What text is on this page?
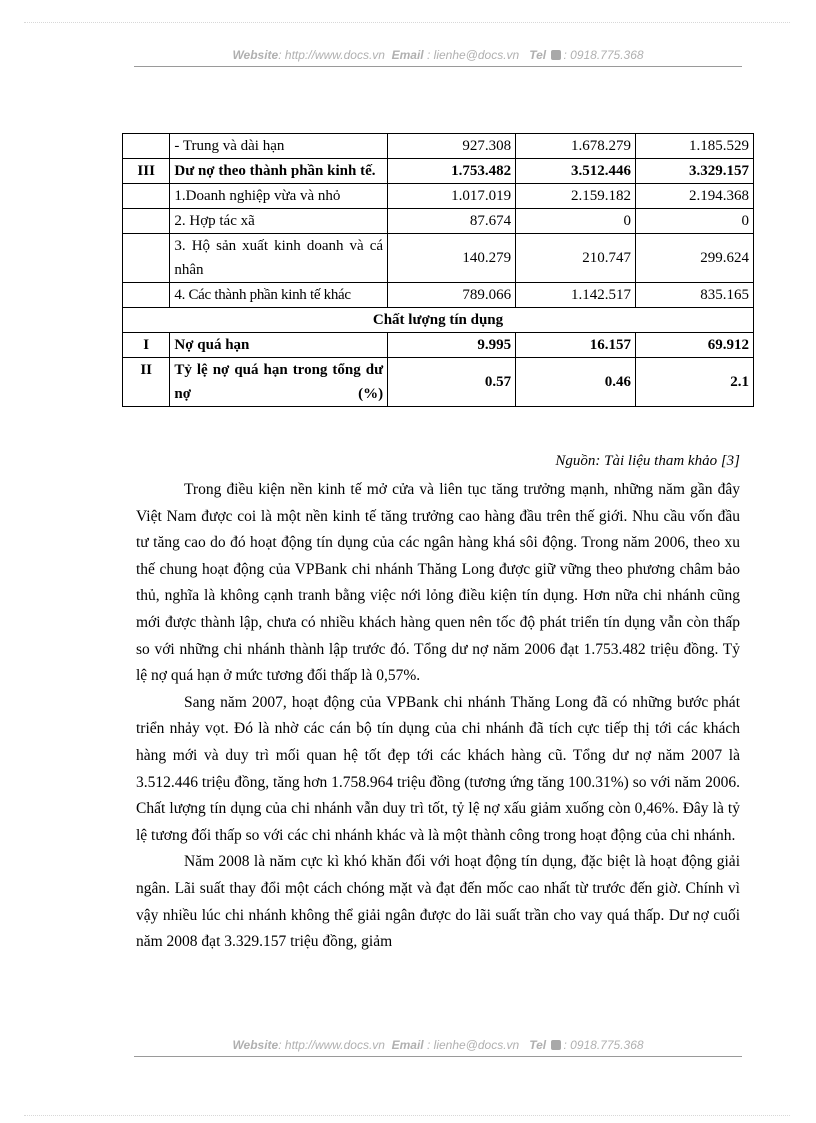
Website: http://www.docs.vn Email : lienhe@docs.vn Tel : 0918.775.368
	- Trung và dài hạn	927.308	1.678.279	1.185.529
III	Dư nợ theo thành phần kinh tế.	1.753.482	3.512.446	3.329.157
	1.Doanh nghiệp vừa và nhỏ	1.017.019	2.159.182	2.194.368
	2. Hợp tác xã	87.674	0	0
	3. Hộ sản xuất kinh doanh và cá nhân	140.279	210.747	299.624
	4. Các thành phần kinh tế khác	789.066	1.142.517	835.165
Chất lượng tín dụng				
I	Nợ quá hạn	9.995	16.157	69.912
II	Tỷ lệ nợ quá hạn trong tổng dư nợ (%)	0.57	0.46	2.1
Nguồn: Tài liệu tham khảo [3]

Trong điều kiện nền kinh tế mở cửa và liên tục tăng trưởng mạnh, những năm gần đây Việt Nam được coi là một nền kinh tế tăng trưởng cao hàng đầu trên thế giới. Nhu cầu vốn đầu tư tăng cao do đó hoạt động tín dụng của các ngân hàng khá sôi động. Trong năm 2006, theo xu thế chung hoạt động của VPBank chi nhánh Thăng Long được giữ vững theo phương châm bảo thủ, nghĩa là không cạnh tranh bằng việc nới lỏng điều kiện tín dụng. Hơn nữa chi nhánh cũng mới được thành lập, chưa có nhiều khách hàng quen nên tốc độ phát triển tín dụng vẫn còn thấp so với những chi nhánh thành lập trước đó. Tổng dư nợ năm 2006 đạt 1.753.482 triệu đồng. Tỷ lệ nợ quá hạn ở mức tương đối thấp là 0,57%.

Sang năm 2007, hoạt động của VPBank chi nhánh Thăng Long đã có những bước phát triển nhảy vọt. Đó là nhờ các cán bộ tín dụng của chi nhánh đã tích cực tiếp thị tới các khách hàng mới và duy trì mối quan hệ tốt đẹp tới các khách hàng cũ. Tổng dư nợ năm 2007 là 3.512.446 triệu đồng, tăng hơn 1.758.964 triệu đồng (tương ứng tăng 100.31%) so với năm 2006. Chất lượng tín dụng của chi nhánh vẫn duy trì tốt, tỷ lệ nợ xấu giảm xuống còn 0,46%. Đây là tỷ lệ tương đối thấp so với các chi nhánh khác và là một thành công trong hoạt động của chi nhánh.

Năm 2008 là năm cực kì khó khăn đối với hoạt động tín dụng, đặc biệt là hoạt động giải ngân. Lãi suất thay đổi một cách chóng mặt và đạt đến mốc cao nhất từ trước đến giờ. Chính vì vậy nhiều lúc chi nhánh không thể giải ngân được do lãi suất trần cho vay quá thấp. Dư nợ cuối năm 2008 đạt 3.329.157 triệu đồng, giảm

Website: http://www.docs.vn Email : lienhe@docs.vn Tel : 0918.775.368
